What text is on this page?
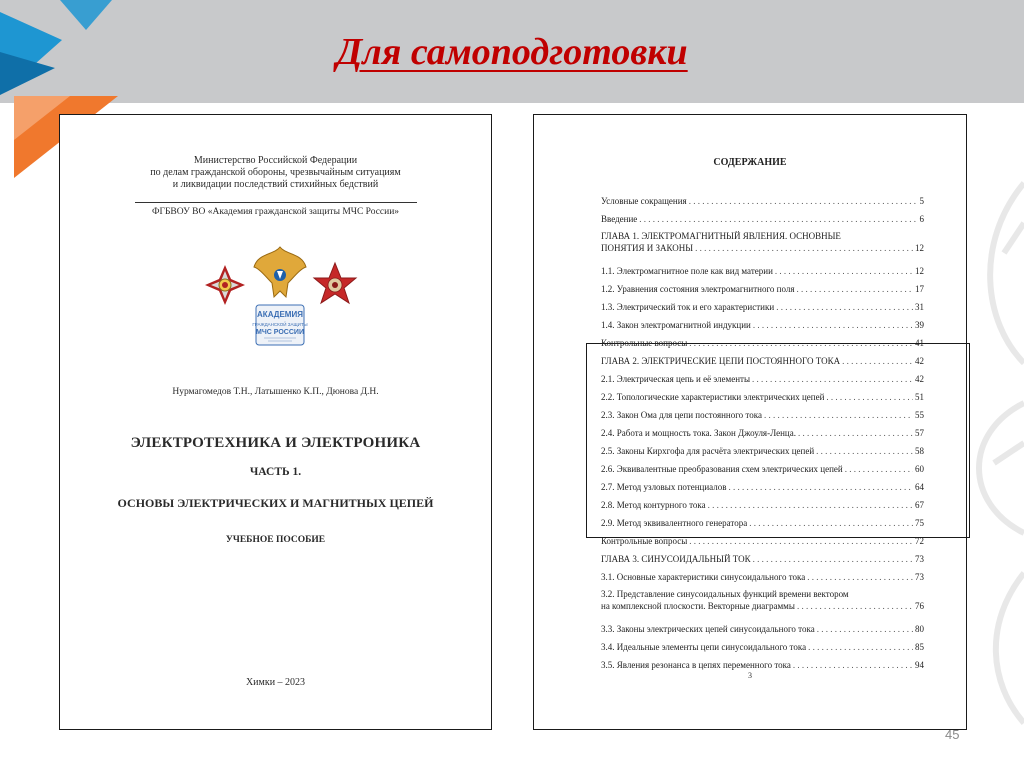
Для самоподготовки
Министерство Российской Федерации
по делам гражданской обороны, чрезвычайным ситуациям
и ликвидации последствий стихийных бедствий
ФГБВОУ ВО «Академия гражданской защиты МЧС России»
АКАДЕМИЯ
ГРАЖДАНСКОЙ ЗАЩИТЫ
МЧС РОССИИ
Нурмагомедов Т.Н., Латышенко К.П., Дюнова Д.Н.
ЭЛЕКТРОТЕХНИКА И ЭЛЕКТРОНИКА
ЧАСТЬ 1.
ОСНОВЫ ЭЛЕКТРИЧЕСКИХ И МАГНИТНЫХ ЦЕПЕЙ
УЧЕБНОЕ ПОСОБИЕ
Химки – 2023
СОДЕРЖАНИЕ
Условные сокращения . . .	5
Введение . . .	6
ГЛАВА 1. ЭЛЕКТРОМАГНИТНЫЙ ЯВЛЕНИЯ. ОСНОВНЫЕ
ПОНЯТИЯ И ЗАКОНЫ . . .	12
1.1. Электромагнитное поле как вид материи . . .	12
1.2. Уравнения состояния электромагнитного поля . . .	17
1.3. Электрический ток и его характеристики . . .	31
1.4. Закон электромагнитной индукции . . .	39
Контрольные вопросы . . .	41
ГЛАВА 2. ЭЛЕКТРИЧЕСКИЕ ЦЕПИ ПОСТОЯННОГО ТОКА . . .	42
2.1. Электрическая цепь и её элементы . . .	42
2.2. Топологические характеристики электрических цепей . . .	51
2.3. Закон Ома для цепи постоянного тока . . .	55
2.4. Работа и мощность тока. Закон Джоуля-Ленца. . . .	57
2.5. Законы Кирхгофа для расчёта электрических цепей . . .	58
2.6. Эквивалентные преобразования схем электрических цепей . . .	60
2.7. Метод узловых потенциалов . . .	64
2.8. Метод контурного тока . . .	67
2.9. Метод эквивалентного генератора . . .	75
Контрольные вопросы . . .	72
ГЛАВА 3. СИНУСОИДАЛЬНЫЙ ТОК . . .	73
3.1. Основные характеристики синусоидального тока . . .	73
3.2. Представление синусоидальных функций времени вектором
на комплексной плоскости. Векторные диаграммы . . .	76
3.3. Законы электрических цепей синусоидального тока . . .	80
3.4. Идеальные элементы цепи синусоидального тока . . .	85
3.5. Явления резонанса в цепях переменного тока . . .	94
3
45
